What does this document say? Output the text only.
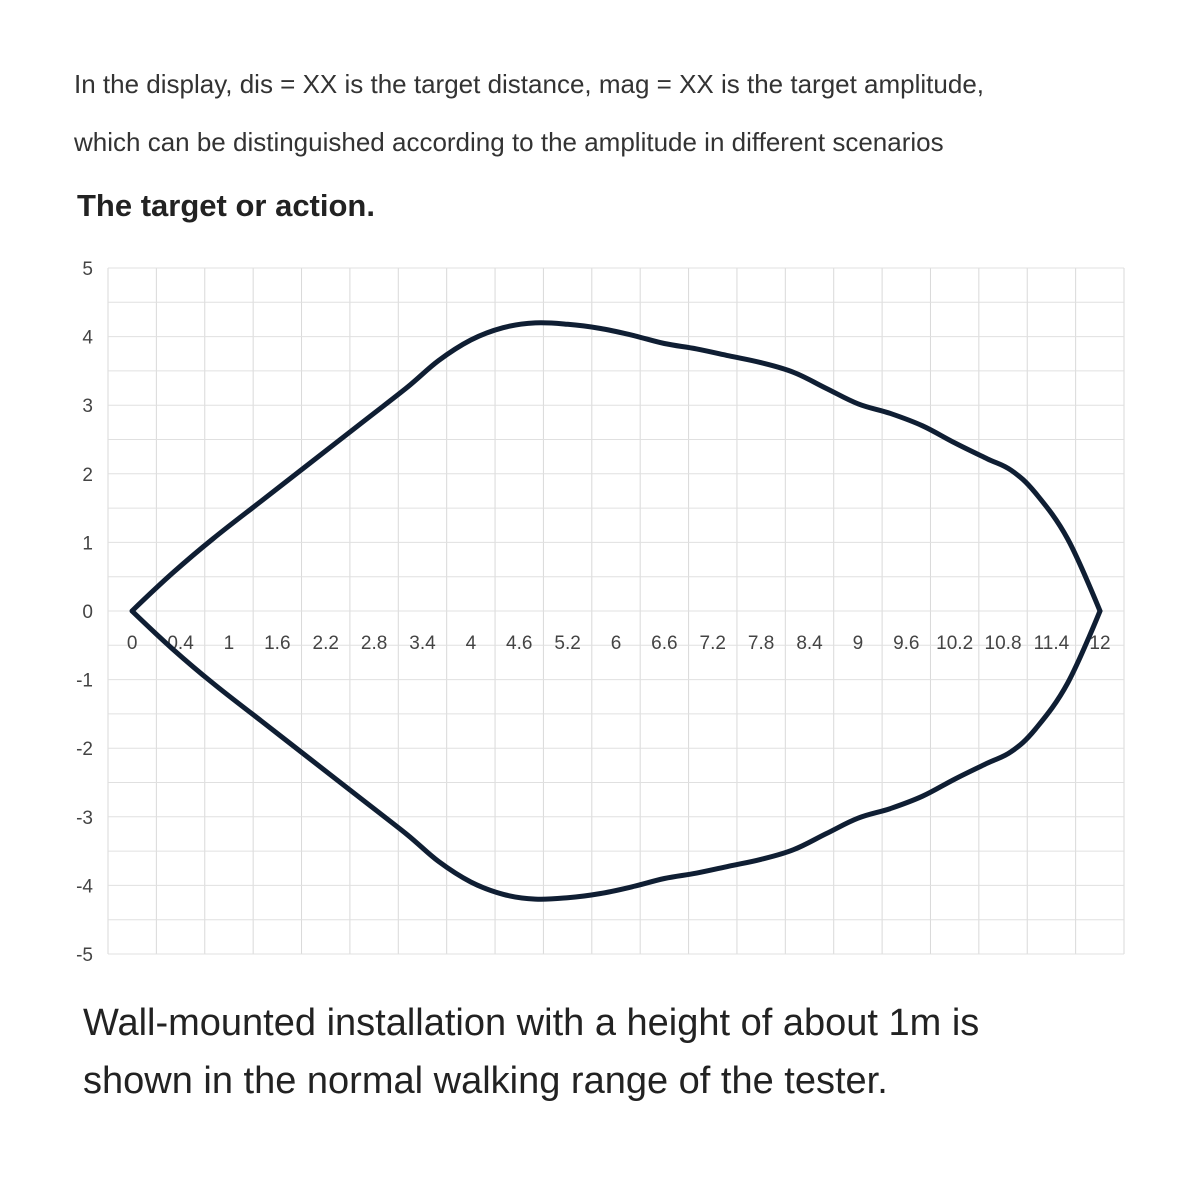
In the display, dis = XX is the target distance, mag = XX is the target amplitude,

which can be distinguished according to the amplitude in different scenarios

The target or action.
5
4
3
2
1
0
-1
-2
-3
-4
-5
0 0.4 1 1.6 2.2 2.8 3.4 4 4.6 5.2 6 6.6 7.2 7.8 8.4 9 9.6 10.2 10.8 11.4 12

Wall-mounted installation with a height of about 1m is
shown in the normal walking range of the tester.
